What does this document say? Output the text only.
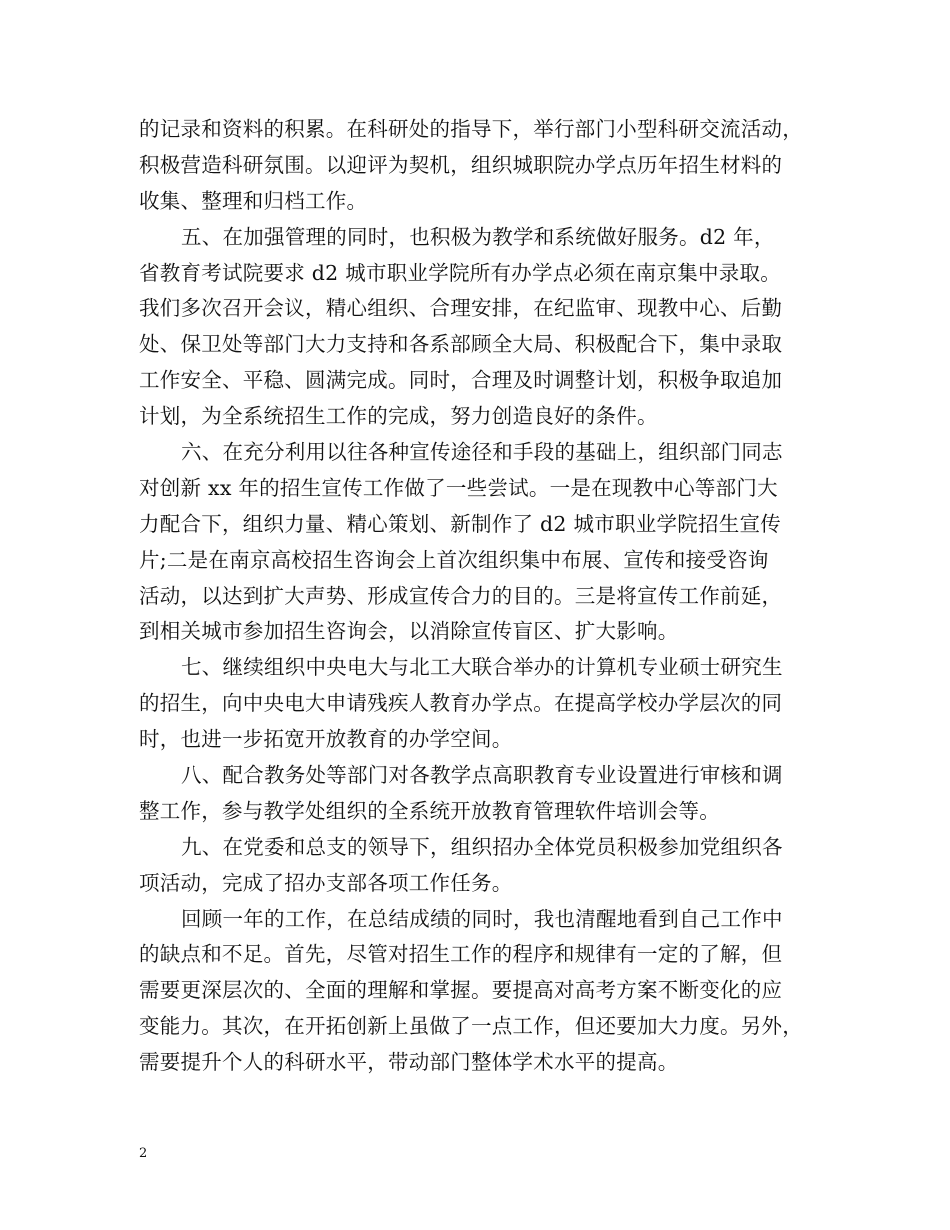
的记录和资料的积累。在科研处的指导下，举行部门小型科研交流活动，
积极营造科研氛围。以迎评为契机，组织城职院办学点历年招生材料的
收集、整理和归档工作。

五、在加强管理的同时，也积极为教学和系统做好服务。d2 年，
省教育考试院要求 d2 城市职业学院所有办学点必须在南京集中录取。
我们多次召开会议，精心组织、合理安排，在纪监审、现教中心、后勤
处、保卫处等部门大力支持和各系部顾全大局、积极配合下，集中录取
工作安全、平稳、圆满完成。同时，合理及时调整计划，积极争取追加
计划，为全系统招生工作的完成，努力创造良好的条件。

六、在充分利用以往各种宣传途径和手段的基础上，组织部门同志
对创新 xx 年的招生宣传工作做了一些尝试。一是在现教中心等部门大
力配合下，组织力量、精心策划、新制作了 d2 城市职业学院招生宣传
片;二是在南京高校招生咨询会上首次组织集中布展、宣传和接受咨询
活动，以达到扩大声势、形成宣传合力的目的。三是将宣传工作前延，
到相关城市参加招生咨询会，以消除宣传盲区、扩大影响。

七、继续组织中央电大与北工大联合举办的计算机专业硕士研究生
的招生，向中央电大申请残疾人教育办学点。在提高学校办学层次的同
时，也进一步拓宽开放教育的办学空间。

八、配合教务处等部门对各教学点高职教育专业设置进行审核和调
整工作，参与教学处组织的全系统开放教育管理软件培训会等。

九、在党委和总支的领导下，组织招办全体党员积极参加党组织各
项活动，完成了招办支部各项工作任务。

回顾一年的工作，在总结成绩的同时，我也清醒地看到自己工作中
的缺点和不足。首先，尽管对招生工作的程序和规律有一定的了解，但
需要更深层次的、全面的理解和掌握。要提高对高考方案不断变化的应
变能力。其次，在开拓创新上虽做了一点工作，但还要加大力度。另外，
需要提升个人的科研水平，带动部门整体学术水平的提高。

2
